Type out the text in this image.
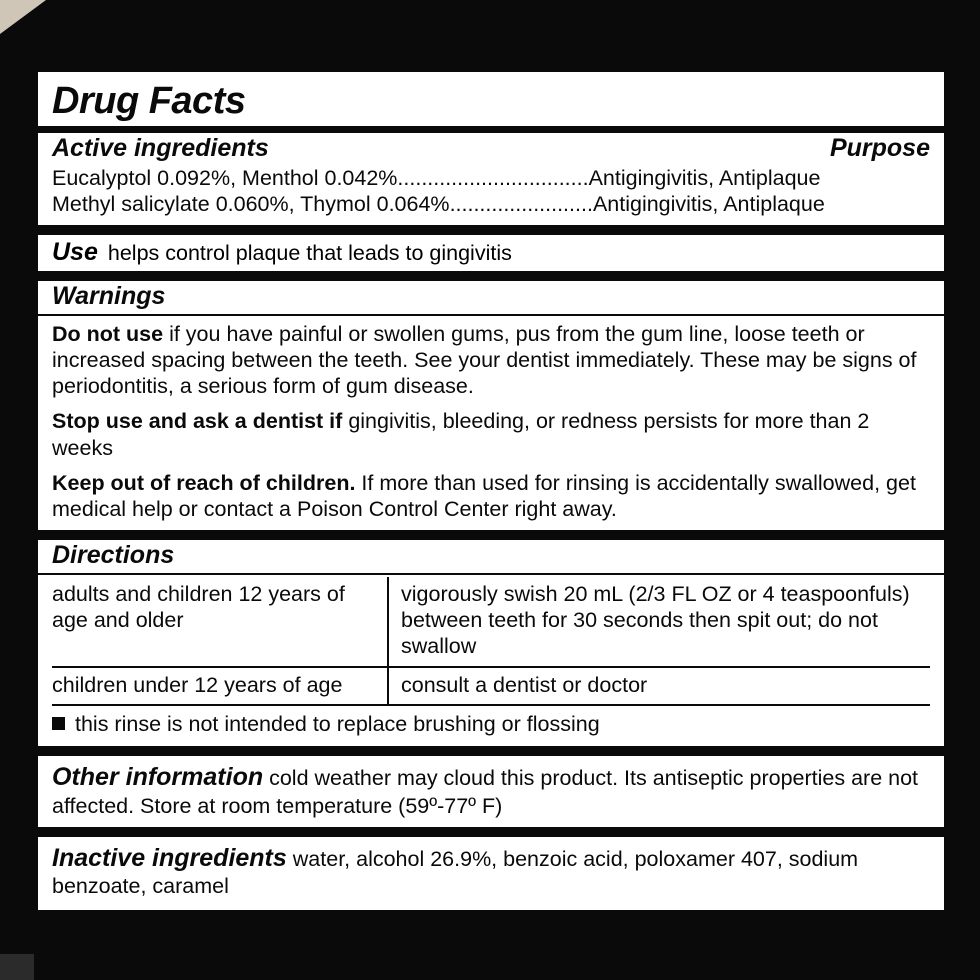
Drug Facts
Active ingredients	Purpose
Eucalyptol 0.092%, Menthol 0.042%................................Antigingivitis, Antiplaque
Methyl salicylate 0.060%, Thymol 0.064%........................Antigingivitis, Antiplaque
Use helps control plaque that leads to gingivitis
Warnings
Do not use if you have painful or swollen gums, pus from the gum line, loose teeth or increased spacing between the teeth. See your dentist immediately. These may be signs of periodontitis, a serious form of gum disease.
Stop use and ask a dentist if gingivitis, bleeding, or redness persists for more than 2 weeks
Keep out of reach of children. If more than used for rinsing is accidentally swallowed, get medical help or contact a Poison Control Center right away.
Directions
adults and children 12 years of age and older	vigorously swish 20 mL (2/3 FL OZ or 4 teaspoonfuls) between teeth for 30 seconds then spit out; do not swallow

children under 12 years of age	consult a dentist or doctor
this rinse is not intended to replace brushing or flossing
Other information cold weather may cloud this product. Its antiseptic properties are not affected. Store at room temperature (59º-77º F)
Inactive ingredients water, alcohol 26.9%, benzoic acid, poloxamer 407, sodium benzoate, caramel
